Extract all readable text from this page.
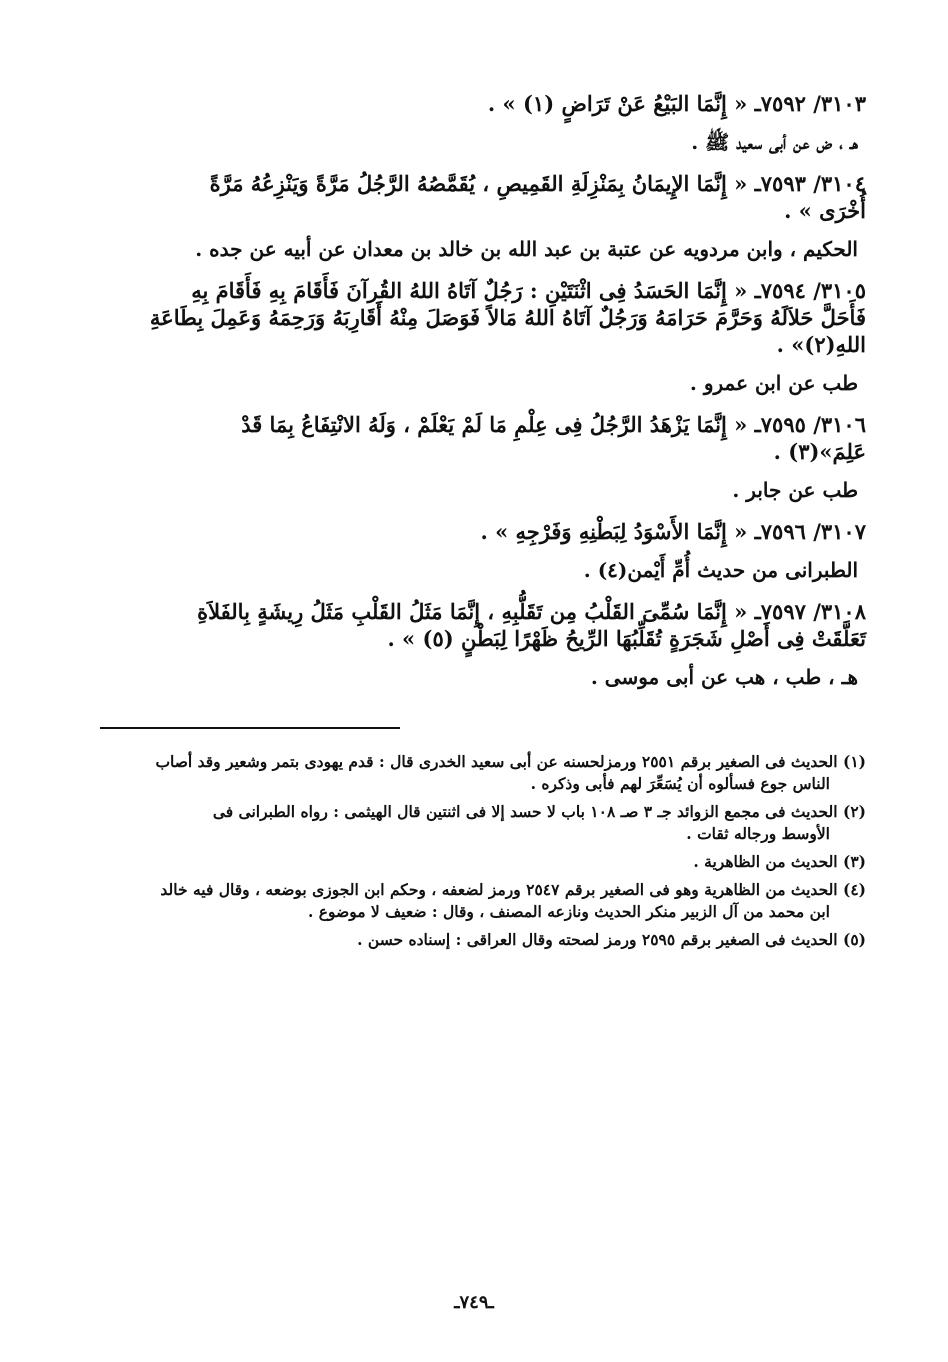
٣١٠٣/ ٧٥٩٢ـ « إِنَّمَا البَيْعُ عَنْ تَرَاضٍ (١) » .
هـ ، ض عن أبى سعيد ﷺ .
٣١٠٤/ ٧٥٩٣ـ « إِنَّمَا الإِيمَانُ بِمَنْزِلَةِ القَمِيصِ ، يُقَمَّصُهُ الرَّجُلُ مَرَّةً وَيَنْزِعُهُ مَرَّةً
أُخْرَى » .
الحكيم ، وابن مردويه عن عتبة بن عبد الله بن خالد بن معدان عن أبيه عن جده .
٣١٠٥/ ٧٥٩٤ـ « إِنَّمَا الحَسَدُ فِى اثْنَتَيْنِ : رَجُلٌ آتَاهُ اللهُ القُرآنَ فَأَقَامَ بِهِ فَأَقَامَ بِهِ
فَأَحَلَّ حَلاَلَهُ وَحَرَّمَ حَرَامَهُ وَرَجُلٌ آتَاهُ اللهُ مَالاً فَوَصَلَ مِنْهُ أَقَارِبَهُ وَرَحِمَهُ وَعَمِلَ بِطَاعَةِ
اللهِ(٢)» .
طب عن ابن عمرو .
٣١٠٦/ ٧٥٩٥ـ « إِنَّمَا يَزْهَدُ الرَّجُلُ فِى عِلْمِ مَا لَمْ يَعْلَمْ ، وَلَهُ الانْتِفَاعُ بِمَا قَدْ
عَلِمَ»(٣) .
طب عن جابر .
٣١٠٧/ ٧٥٩٦ـ « إِنَّمَا الأَسْوَدُ لِبَطْنِهِ وَفَرْجِهِ » .
الطبرانى من حديث أُمِّ أَيْمن(٤) .
٣١٠٨/ ٧٥٩٧ـ « إِنَّمَا سُمِّىَ القَلْبُ مِن تَقَلُّبِهِ ، إِنَّمَا مَثَلُ القَلْبِ مَثَلُ رِيشَةٍ بِالفَلاَةِ
تَعَلَّقَتْ فِى أَصْلِ شَجَرَةٍ تُقَلِّبُهَا الرِّيحُ ظَهْرًا لِبَطْنٍ (٥) » .
هـ ، طب ، هب عن أبى موسى .
(١) الحديث فى الصغير برقم ٢٥٥١ ورمزلحسنه عن أبى سعيد الخدرى قال : قدم يهودى بتمر وشعير وقد أصاب
الناس جوع فسألوه أن يُسَعِّرَ لهم فأبى وذكره .
(٢) الحديث فى مجمع الزوائد جـ ٣ صـ ١٠٨ باب لا حسد إلا فى اثنتين قال الهيثمى : رواه الطبرانى فى
الأوسط ورجاله ثقات .
(٣) الحديث من الظاهرية .
(٤) الحديث من الظاهرية وهو فى الصغير برقم ٢٥٤٧ ورمز لضعفه ، وحكم ابن الجوزى بوضعه ، وقال فيه خالد
ابن محمد من آل الزبير منكر الحديث ونازعه المصنف ، وقال : ضعيف لا موضوع .
(٥) الحديث فى الصغير برقم ٢٥٩٥ ورمز لصحته وقال العراقى : إسناده حسن .
ـ٧٤٩ـ
